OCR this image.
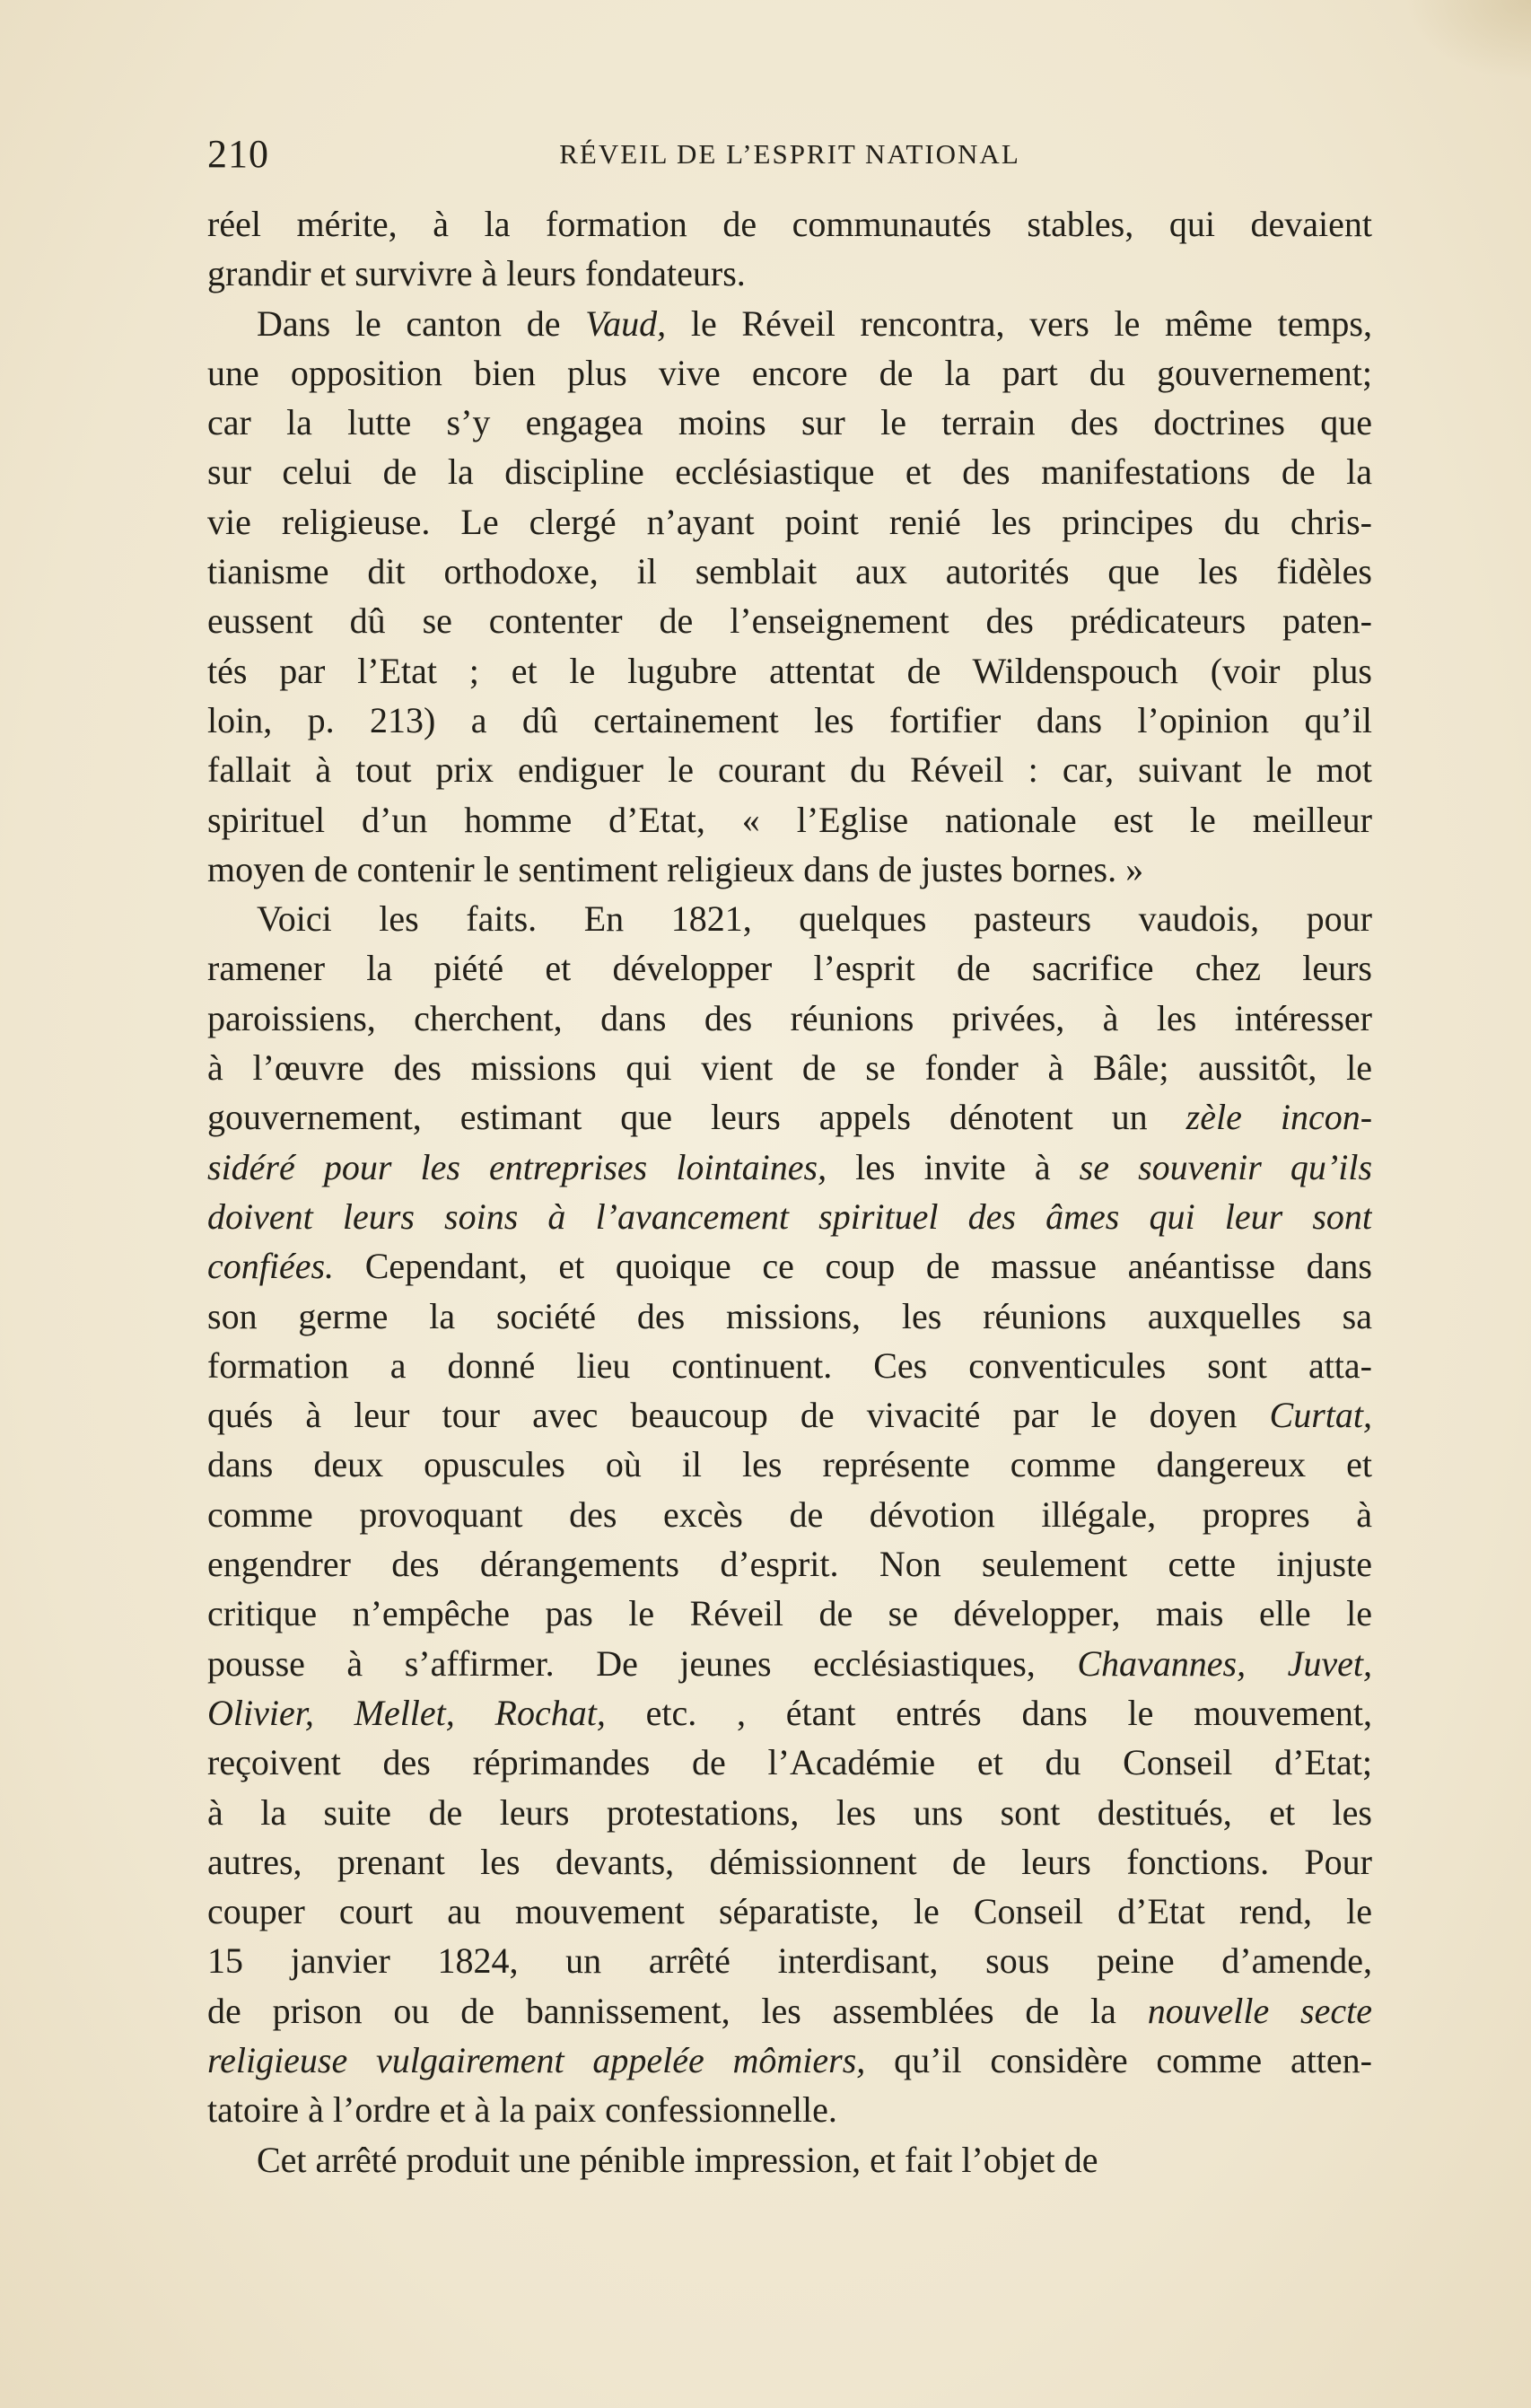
210	RÉVEIL DE L’ESPRIT NATIONAL
réel mérite, à la formation de communautés stables, qui devaient
grandir et survivre à leurs fondateurs.
Dans le canton de Vaud, le Réveil rencontra, vers le même temps,
une opposition bien plus vive encore de la part du gouvernement;
car la lutte s’y engagea moins sur le terrain des doctrines que
sur celui de la discipline ecclésiastique et des manifestations de la
vie religieuse. Le clergé n’ayant point renié les principes du chris-
tianisme dit orthodoxe, il semblait aux autorités que les fidèles
eussent dû se contenter de l’enseignement des prédicateurs paten-
tés par l’Etat ; et le lugubre attentat de Wildenspouch (voir plus
loin, p. 213) a dû certainement les fortifier dans l’opinion qu’il
fallait à tout prix endiguer le courant du Réveil : car, suivant le mot
spirituel d’un homme d’Etat, « l’Eglise nationale est le meilleur
moyen de contenir le sentiment religieux dans de justes bornes. »
Voici les faits. En 1821, quelques pasteurs vaudois, pour
ramener la piété et développer l’esprit de sacrifice chez leurs
paroissiens, cherchent, dans des réunions privées, à les intéresser
à l’œuvre des missions qui vient de se fonder à Bâle; aussitôt, le
gouvernement, estimant que leurs appels dénotent un zèle incon-
sidéré pour les entreprises lointaines, les invite à se souvenir qu’ils
doivent leurs soins à l’avancement spirituel des âmes qui leur sont
confiées. Cependant, et quoique ce coup de massue anéantisse dans
son germe la société des missions, les réunions auxquelles sa
formation a donné lieu continuent. Ces conventicules sont atta-
qués à leur tour avec beaucoup de vivacité par le doyen Curtat,
dans deux opuscules où il les représente comme dangereux et
comme provoquant des excès de dévotion illégale, propres à
engendrer des dérangements d’esprit. Non seulement cette injuste
critique n’empêche pas le Réveil de se développer, mais elle le
pousse à s’affirmer. De jeunes ecclésiastiques, Chavannes, Juvet,
Olivier, Mellet, Rochat, etc. , étant entrés dans le mouvement,
reçoivent des réprimandes de l’Académie et du Conseil d’Etat;
à la suite de leurs protestations, les uns sont destitués, et les
autres, prenant les devants, démissionnent de leurs fonctions. Pour
couper court au mouvement séparatiste, le Conseil d’Etat rend, le
15 janvier 1824, un arrêté interdisant, sous peine d’amende,
de prison ou de bannissement, les assemblées de la nouvelle secte
religieuse vulgairement appelée mômiers, qu’il considère comme atten-
tatoire à l’ordre et à la paix confessionnelle.
Cet arrêté produit une pénible impression, et fait l’objet de
